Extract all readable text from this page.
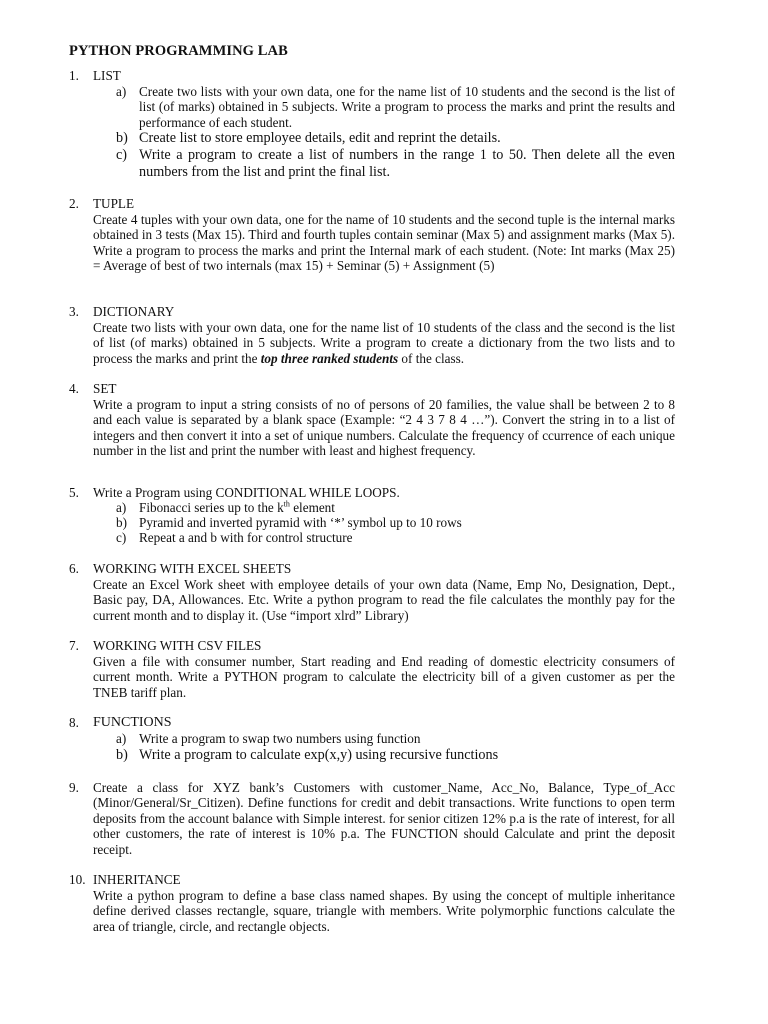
PYTHON PROGRAMMING LAB
1. LIST
a) Create two lists with your own data, one for the name list of 10 students and the second is the list of list (of marks) obtained in 5 subjects. Write a program to process the marks and print the results and performance of each student.
b) Create list to store employee details, edit and reprint the details.
c) Write a program to create a list of numbers in the range 1 to 50. Then delete all the even numbers from the list and print the final list.
2. TUPLE
Create 4 tuples with your own data, one for the name of 10 students and the second tuple is the internal marks obtained in 3 tests (Max 15). Third and fourth tuples contain seminar (Max 5) and assignment marks (Max 5). Write a program to process the marks and print the Internal mark of each student. (Note: Int marks (Max 25) = Average of best of two internals (max 15) + Seminar (5) + Assignment (5)
3. DICTIONARY
Create two lists with your own data, one for the name list of 10 students of the class and the second is the list of list (of marks) obtained in 5 subjects. Write a program to create a dictionary from the two lists and to process the marks and print the top three ranked students of the class.
4. SET
Write a program to input a string consists of no of persons of 20 families, the value shall be between 2 to 8 and each value is separated by a blank space (Example: “2 4 3 7 8 4 …”). Convert the string in to a list of integers and then convert it into a set of unique numbers. Calculate the frequency of ccurrence of each unique number in the list and print the number with least and highest frequency.
5. Write a Program using CONDITIONAL WHILE LOOPS.
a) Fibonacci series up to the $k^{th}$ element
b) Pyramid and inverted pyramid with ‘*’ symbol up to 10 rows
c) Repeat a and b with for control structure
6. WORKING WITH EXCEL SHEETS
Create an Excel Work sheet with employee details of your own data (Name, Emp No, Designation, Dept., Basic pay, DA, Allowances. Etc. Write a python program to read the file calculates the monthly pay for the current month and to display it. (Use “import xlrd” Library)
7. WORKING WITH CSV FILES
Given a file with consumer number, Start reading and End reading of domestic electricity consumers of current month. Write a PYTHON program to calculate the electricity bill of a given customer as per the TNEB tariff plan.
8. FUNCTIONS
a) Write a program to swap two numbers using function
b) Write a program to calculate exp(x,y) using recursive functions
9. Create a class for XYZ bank’s Customers with customer_Name, Acc_No, Balance, Type_of_Acc (Minor/General/Sr_Citizen). Define functions for credit and debit transactions. Write functions to open term deposits from the account balance with Simple interest. for senior citizen 12% p.a is the rate of interest, for all other customers, the rate of interest is 10% p.a. The FUNCTION should Calculate and print the deposit receipt.
10. INHERITANCE
Write a python program to define a base class named shapes. By using the concept of multiple inheritance define derived classes rectangle, square, triangle with members. Write polymorphic functions calculate the area of triangle, circle, and rectangle objects.
